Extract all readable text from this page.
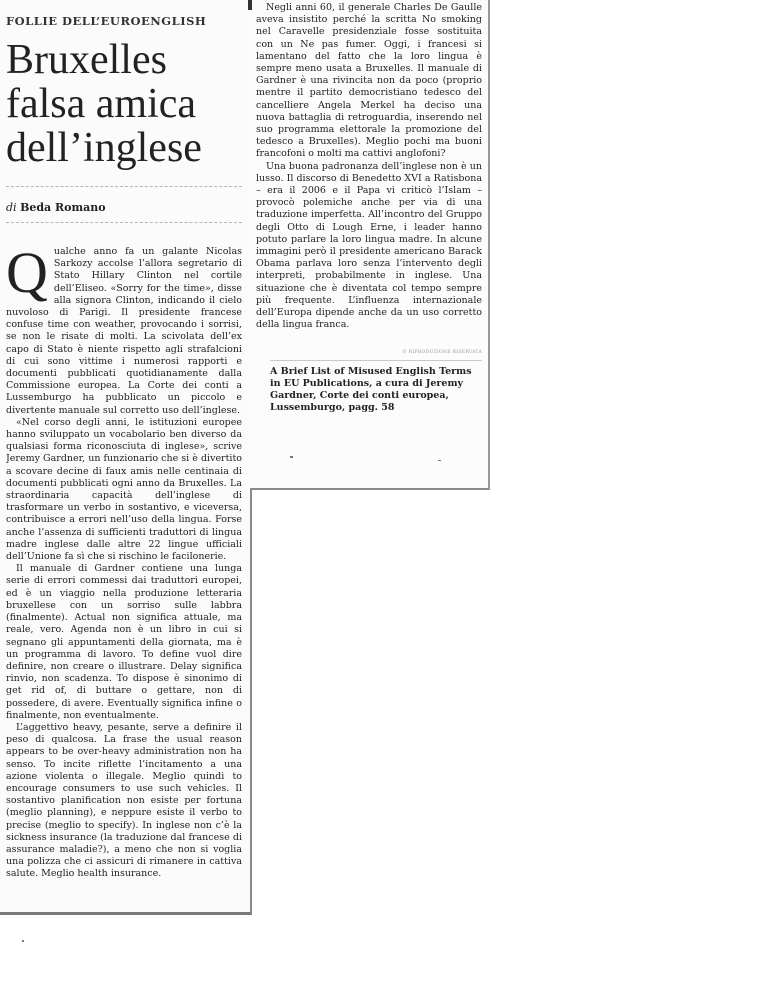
FOLLIE DELL’EUROENGLISH
Bruxelles falsa amica dell’inglese
di Beda Romano
Q ualche anno fa un galante Nicolas Sarkozy accolse l’allora segretario di Stato Hillary Clinton nel cortile dell’Eliseo. «Sorry for the time», disse alla signora Clinton, indicando il cielo nuvoloso di Parigi. Il presidente francese confuse time con weather, provocando i sorrisi, se non le risate di molti. La scivolata dell’ex capo di Stato è niente rispetto agli strafalcioni di cui sono vittime i numerosi rapporti e documenti pubblicati quotidianamente dalla Commissione europea. La Corte dei conti a Lussemburgo ha pubblicato un piccolo e divertente manuale sul corretto uso dell’inglese.

«Nel corso degli anni, le istituzioni europee hanno sviluppato un vocabolario ben diverso da qualsiasi forma riconosciuta di inglese», scrive Jeremy Gardner, un funzionario che si è divertito a scovare decine di faux amis nelle centinaia di documenti pubblicati ogni anno da Bruxelles. La straordinaria capacità dell’inglese di trasformare un verbo in sostantivo, e viceversa, contribuisce a errori nell’uso della lingua. Forse anche l’assenza di sufficienti traduttori di lingua madre inglese dalle altre 22 lingue ufficiali dell’Unione fa sì che si rischino le facilonerie.

Il manuale di Gardner contiene una lunga serie di errori commessi dai traduttori europei, ed è un viaggio nella produzione letteraria bruxellese con un sorriso sulle labbra (finalmente). Actual non significa attuale, ma reale, vero. Agenda non è un libro in cui si segnano gli appuntamenti della giornata, ma è un programma di lavoro. To define vuol dire definire, non creare o illustrare. Delay significa rinvio, non scadenza. To dispose è sinonimo di get rid of, di buttare o gettare, non di possedere, di avere. Eventually significa infine o finalmente, non eventualmente.

L’aggettivo heavy, pesante, serve a definire il peso di qualcosa. La frase the usual reason appears to be over-heavy administration non ha senso. To incite riflette l’incitamento a una azione violenta o illegale. Meglio quindi to encourage consumers to use such vehicles. Il sostantivo planification non esiste per fortuna (meglio planning), e neppure esiste il verbo to precise (meglio to specify). In inglese non c’è la sickness insurance (la traduzione dal francese di assurance maladie?), a meno che non si voglia una polizza che ci assicuri di rimanere in cattiva salute. Meglio health insurance.

Negli anni 60, il generale Charles De Gaulle aveva insistito perché la scritta No smoking nel Caravelle presidenziale fosse sostituita con un Ne pas fumer. Oggi, i francesi si lamentano del fatto che la loro lingua è sempre meno usata a Bruxelles. Il manuale di Gardner è una rivincita non da poco (proprio mentre il partito democristiano tedesco del cancelliere Angela Merkel ha deciso una nuova battaglia di retroguardia, inserendo nel suo programma elettorale la promozione del tedesco a Bruxelles). Meglio pochi ma buoni francofoni o molti ma cattivi anglofoni?

Una buona padronanza dell’inglese non è un lusso. Il discorso di Benedetto XVI a Ratisbona – era il 2006 e il Papa vi criticò l’Islam – provocò polemiche anche per via di una traduzione imperfetta. All’incontro del Gruppo degli Otto di Lough Erne, i leader hanno potuto parlare la loro lingua madre. In alcune immagini però il presidente americano Barack Obama parlava loro senza l’intervento degli interpreti, probabilmente in inglese. Una situazione che è diventata col tempo sempre più frequente. L’influenza internazionale dell’Europa dipende anche da un uso corretto della lingua franca.

© RIPRODUZIONE RISERVATA
A Brief List of Misused English Terms in EU Publications, a cura di Jeremy Gardner, Corte dei conti europea, Lussemburgo, pagg. 58
